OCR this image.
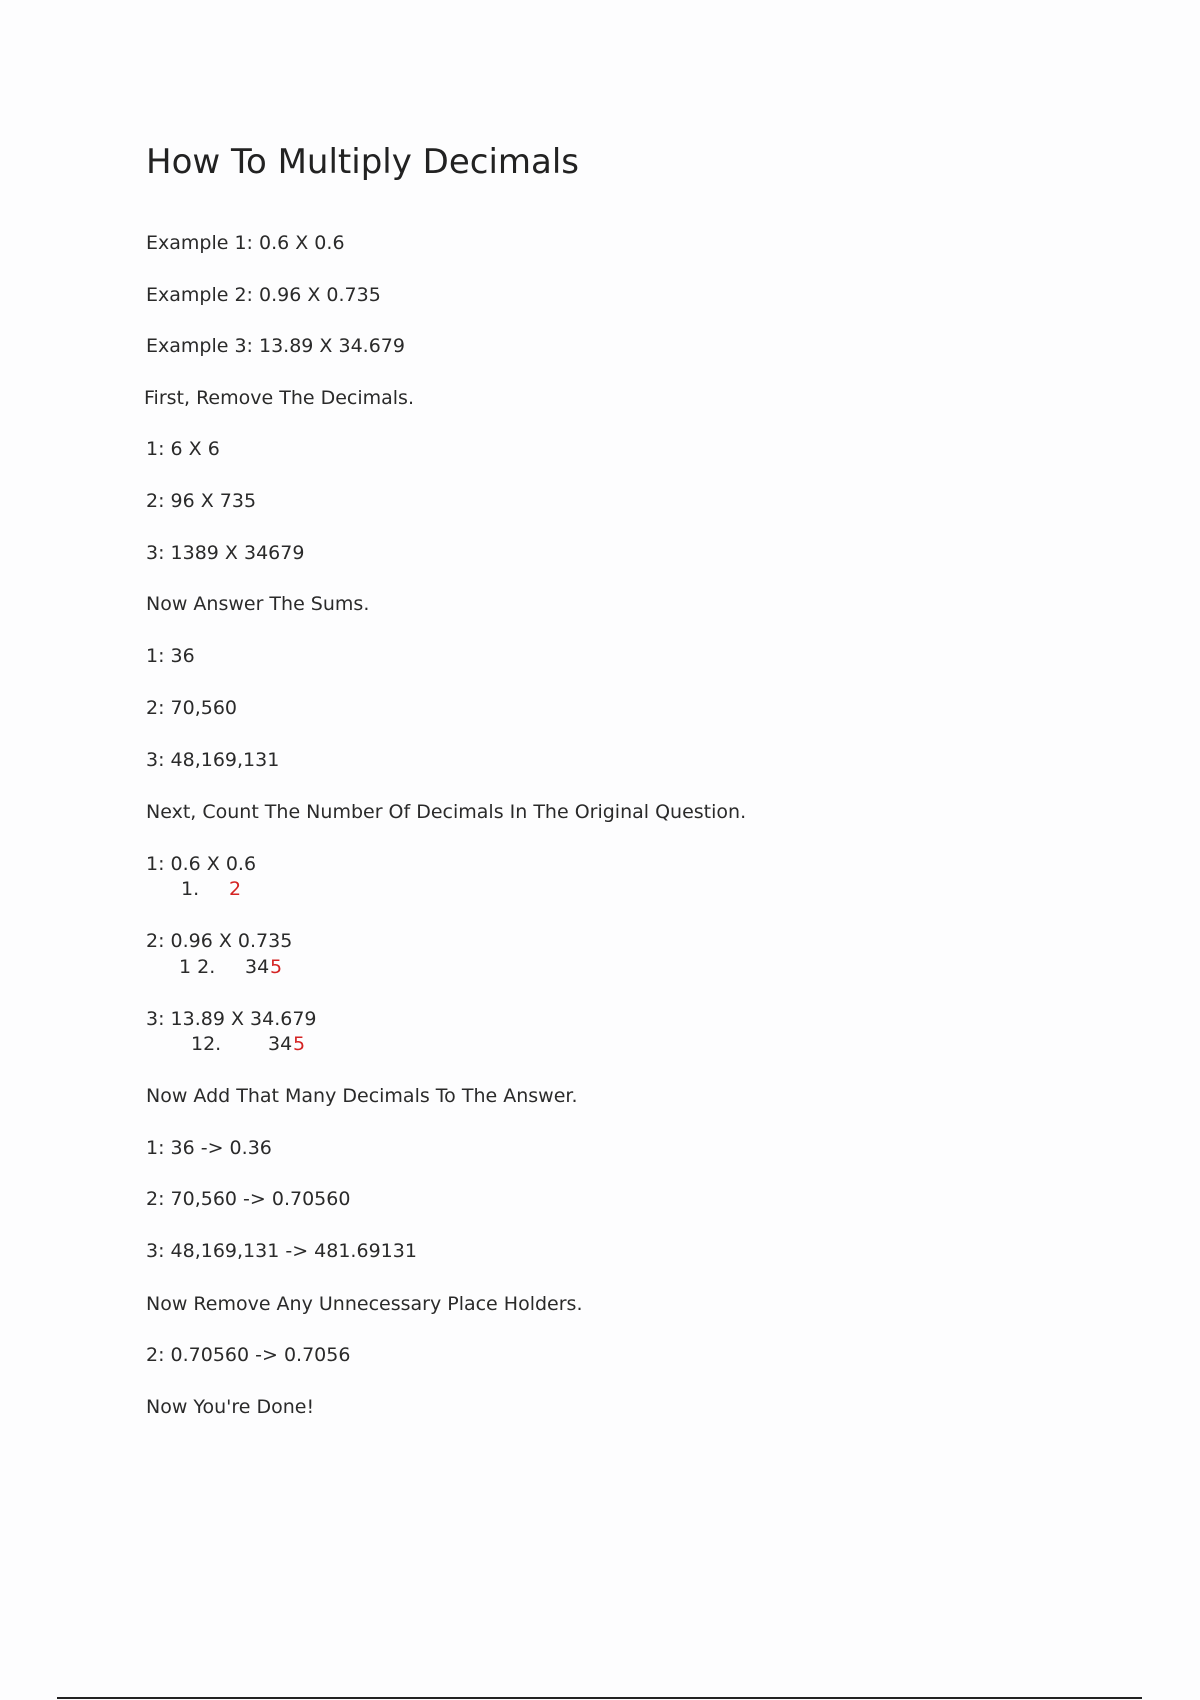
How To Multiply Decimals

Example 1: 0.6 X 0.6

Example 2: 0.96 X 0.735

Example 3: 13.89 X 34.679

First, Remove The Decimals.

1: 6 X 6

2: 96 X 735

3: 1389 X 34679

Now Answer The Sums.

1: 36

2: 70,560

3: 48,169,131

Next, Count The Number Of Decimals In The Original Question.

1: 0.6 X 0.6

1. 2

2: 0.96 X 0.735

1 2. 34 5

3: 13.89 X 34.679

12. 34 5

Now Add That Many Decimals To The Answer.

1: 36 -> 0.36

2: 70,560 -> 0.70560

3: 48,169,131 -> 481.69131

Now Remove Any Unnecessary Place Holders.

2: 0.70560 -> 0.7056

Now You're Done!
